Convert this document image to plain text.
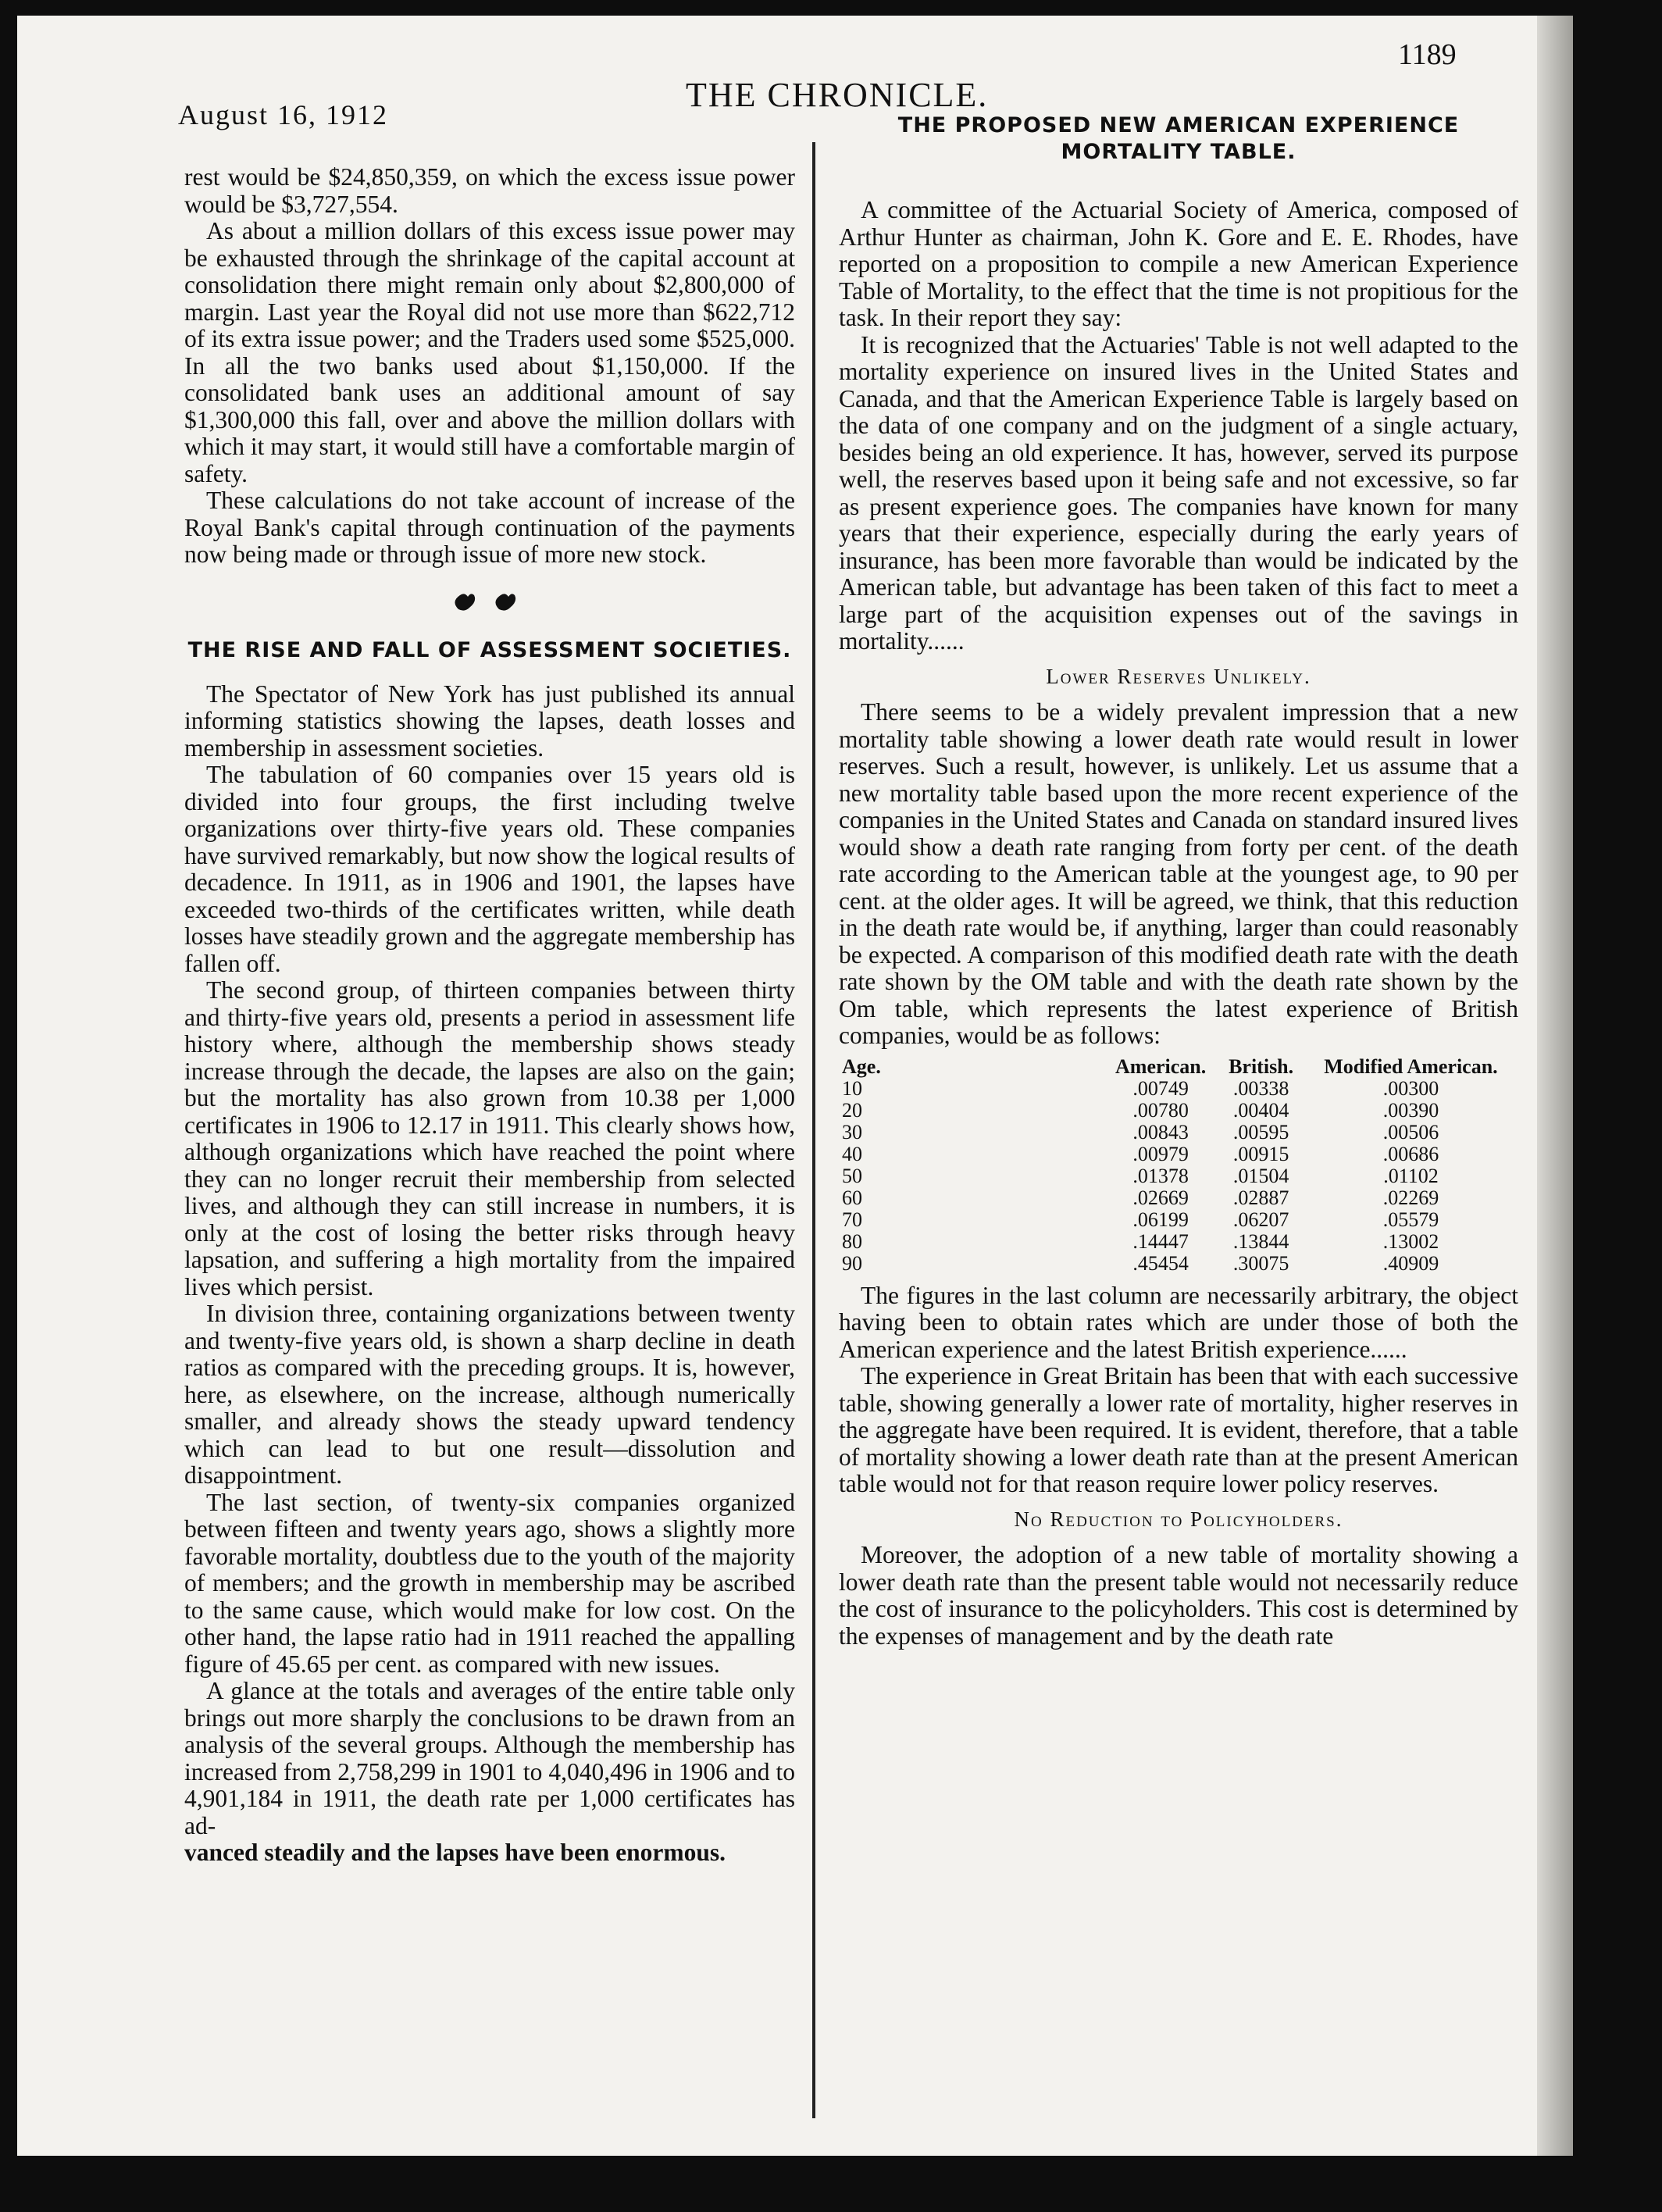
August 16, 1912
THE CHRONICLE.
1189

rest would be $24,850,359, on which the excess issue power would be $3,727,554.

As about a million dollars of this excess issue power may be exhausted through the shrinkage of the capital account at consolidation there might remain only about $2,800,000 of margin. Last year the Royal did not use more than $622,712 of its extra issue power; and the Traders used some $525,000. In all the two banks used about $1,150,000. If the consolidated bank uses an additional amount of say $1,300,000 this fall, over and above the million dollars with which it may start, it would still have a comfortable margin of safety.

These calculations do not take account of increase of the Royal Bank's capital through continuation of the payments now being made or through issue of more new stock.

THE RISE AND FALL OF ASSESSMENT SOCIETIES.

The Spectator of New York has just published its annual informing statistics showing the lapses, death losses and membership in assessment societies.

The tabulation of 60 companies over 15 years old is divided into four groups, the first including twelve organizations over thirty-five years old. These companies have survived remarkably, but now show the logical results of decadence. In 1911, as in 1906 and 1901, the lapses have exceeded two-thirds of the certificates written, while death losses have steadily grown and the aggregate membership has fallen off.

The second group, of thirteen companies between thirty and thirty-five years old, presents a period in assessment life history where, although the membership shows steady increase through the decade, the lapses are also on the gain; but the mortality has also grown from 10.38 per 1,000 certificates in 1906 to 12.17 in 1911. This clearly shows how, although organizations which have reached the point where they can no longer recruit their membership from selected lives, and although they can still increase in numbers, it is only at the cost of losing the better risks through heavy lapsation, and suffering a high mortality from the impaired lives which persist.

In division three, containing organizations between twenty and twenty-five years old, is shown a sharp decline in death ratios as compared with the preceding groups. It is, however, here, as elsewhere, on the increase, although numerically smaller, and already shows the steady upward tendency which can lead to but one result—dissolution and disappointment.

The last section, of twenty-six companies organized between fifteen and twenty years ago, shows a slightly more favorable mortality, doubtless due to the youth of the majority of members; and the growth in membership may be ascribed to the same cause, which would make for low cost. On the other hand, the lapse ratio had in 1911 reached the appalling figure of 45.65 per cent. as compared with new issues.

A glance at the totals and averages of the entire table only brings out more sharply the conclusions to be drawn from an analysis of the several groups. Although the membership has increased from 2,758,299 in 1901 to 4,040,496 in 1906 and to 4,901,184 in 1911, the death rate per 1,000 certificates has ad-

vanced steadily and the lapses have been enormous.

THE PROPOSED NEW AMERICAN EXPERIENCE MORTALITY TABLE.

A committee of the Actuarial Society of America, composed of Arthur Hunter as chairman, John K. Gore and E. E. Rhodes, have reported on a proposition to compile a new American Experience Table of Mortality, to the effect that the time is not propitious for the task. In their report they say:

It is recognized that the Actuaries' Table is not well adapted to the mortality experience on insured lives in the United States and Canada, and that the American Experience Table is largely based on the data of one company and on the judgment of a single actuary, besides being an old experience. It has, however, served its purpose well, the reserves based upon it being safe and not excessive, so far as present experience goes. The companies have known for many years that their experience, especially during the early years of insurance, has been more favorable than would be indicated by the American table, but advantage has been taken of this fact to meet a large part of the acquisition expenses out of the savings in mortality......

Lower Reserves Unlikely.

There seems to be a widely prevalent impression that a new mortality table showing a lower death rate would result in lower reserves. Such a result, however, is unlikely. Let us assume that a new mortality table based upon the more recent experience of the companies in the United States and Canada on standard insured lives would show a death rate ranging from forty per cent. of the death rate according to the American table at the youngest age, to 90 per cent. at the older ages. It will be agreed, we think, that this reduction in the death rate would be, if anything, larger than could reasonably be expected. A comparison of this modified death rate with the death rate shown by the OM table and with the death rate shown by the Om table, which represents the latest experience of British companies, would be as follows:

Age.	American.	British.	Modified American.
10	.00749	.00338	.00300
20	.00780	.00404	.00390
30	.00843	.00595	.00506
40	.00979	.00915	.00686
50	.01378	.01504	.01102
60	.02669	.02887	.02269
70	.06199	.06207	.05579
80	.14447	.13844	.13002
90	.45454	.30075	.40909

The figures in the last column are necessarily arbitrary, the object having been to obtain rates which are under those of both the American experience and the latest British experience......

The experience in Great Britain has been that with each successive table, showing generally a lower rate of mortality, higher reserves in the aggregate have been required. It is evident, therefore, that a table of mortality showing a lower death rate than at the present American table would not for that reason require lower policy reserves.

No Reduction to Policyholders.

Moreover, the adoption of a new table of mortality showing a lower death rate than the present table would not necessarily reduce the cost of insurance to the policyholders. This cost is determined by the expenses of management and by the death rate
